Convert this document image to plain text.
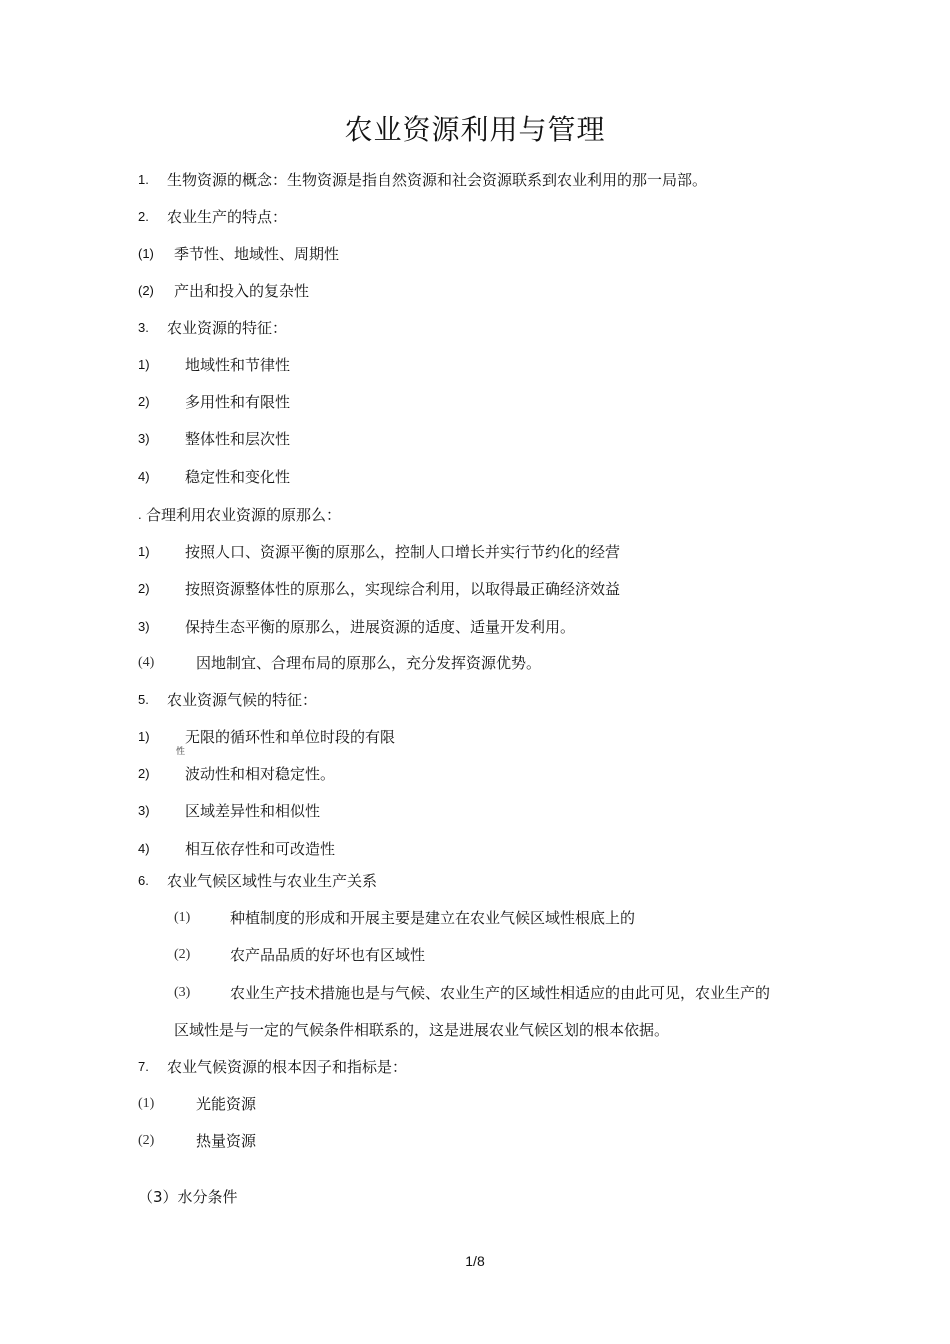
农业资源利用与管理
1. 生物资源的概念：生物资源是指自然资源和社会资源联系到农业利用的那一局部。
2. 农业生产的特点：
(1) 季节性、地域性、周期性
(2) 产出和投入的复杂性
3. 农业资源的特征：
1) 地域性和节律性
2) 多用性和有限性
3) 整体性和层次性
4) 稳定性和变化性
. 合理利用农业资源的原那么：
1) 按照人口、资源平衡的原那么，控制人口增长并实行节约化的经营
2) 按照资源整体性的原那么，实现综合利用，以取得最正确经济效益
3) 保持生态平衡的原那么，进展资源的适度、适量开发利用。
(4)	因地制宜、合理布局的原那么，充分发挥资源优势。
5. 农业资源气候的特征：
1) 无限的循环性和单位时段的有限
性
2) 波动性和相对稳定性。
3) 区域差异性和相似性
4) 相互依存性和可改造性
6. 农业气候区域性与农业生产关系
(1)	种植制度的形成和开展主要是建立在农业气候区域性根底上的
(2)	农产品品质的好坏也有区域性
(3)	农业生产技术措施也是与气候、农业生产的区域性相适应的由此可见，农业生产的
区域性是与一定的气候条件相联系的，这是进展农业气候区划的根本依据。
7. 农业气候资源的根本因子和指标是：
(1)	光能资源
(2)	热量资源
（3）水分条件
1/8
